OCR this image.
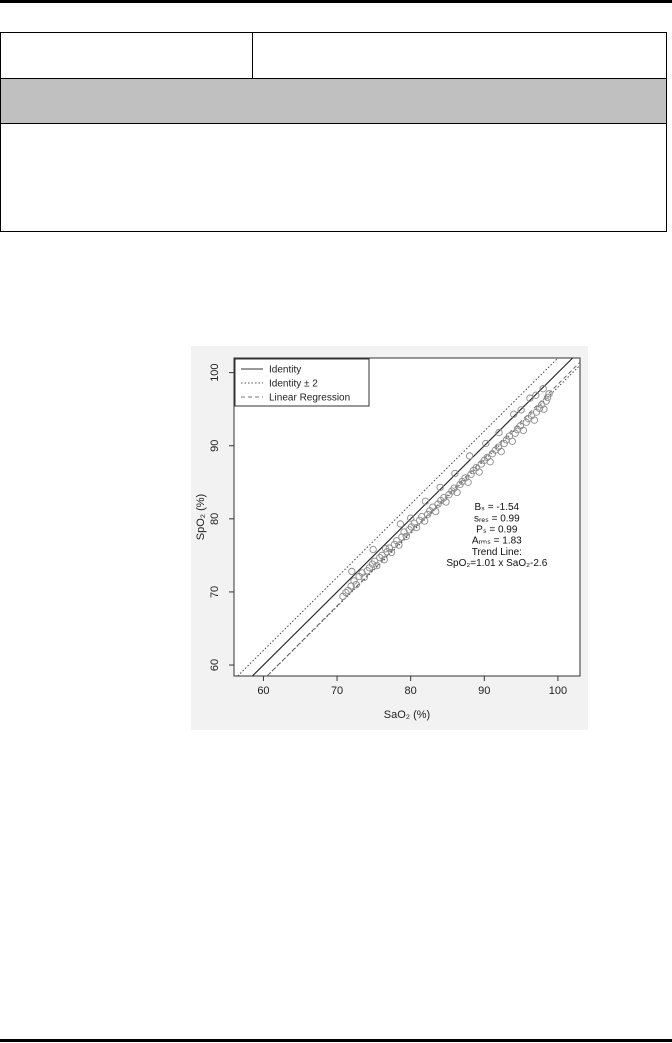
60	70	80	90	100
60
70
80
90
100
SaO₂ (%)
SpO₂ (%)
Identity
Identity ± 2
Linear Regression
Bₛ = -1.54
sᵣₑₛ = 0.99
Pₛ = 0.99
Aᵣₘₛ = 1.83
Trend Line:
SpO₂=1.01 x SaO₂-2.6
